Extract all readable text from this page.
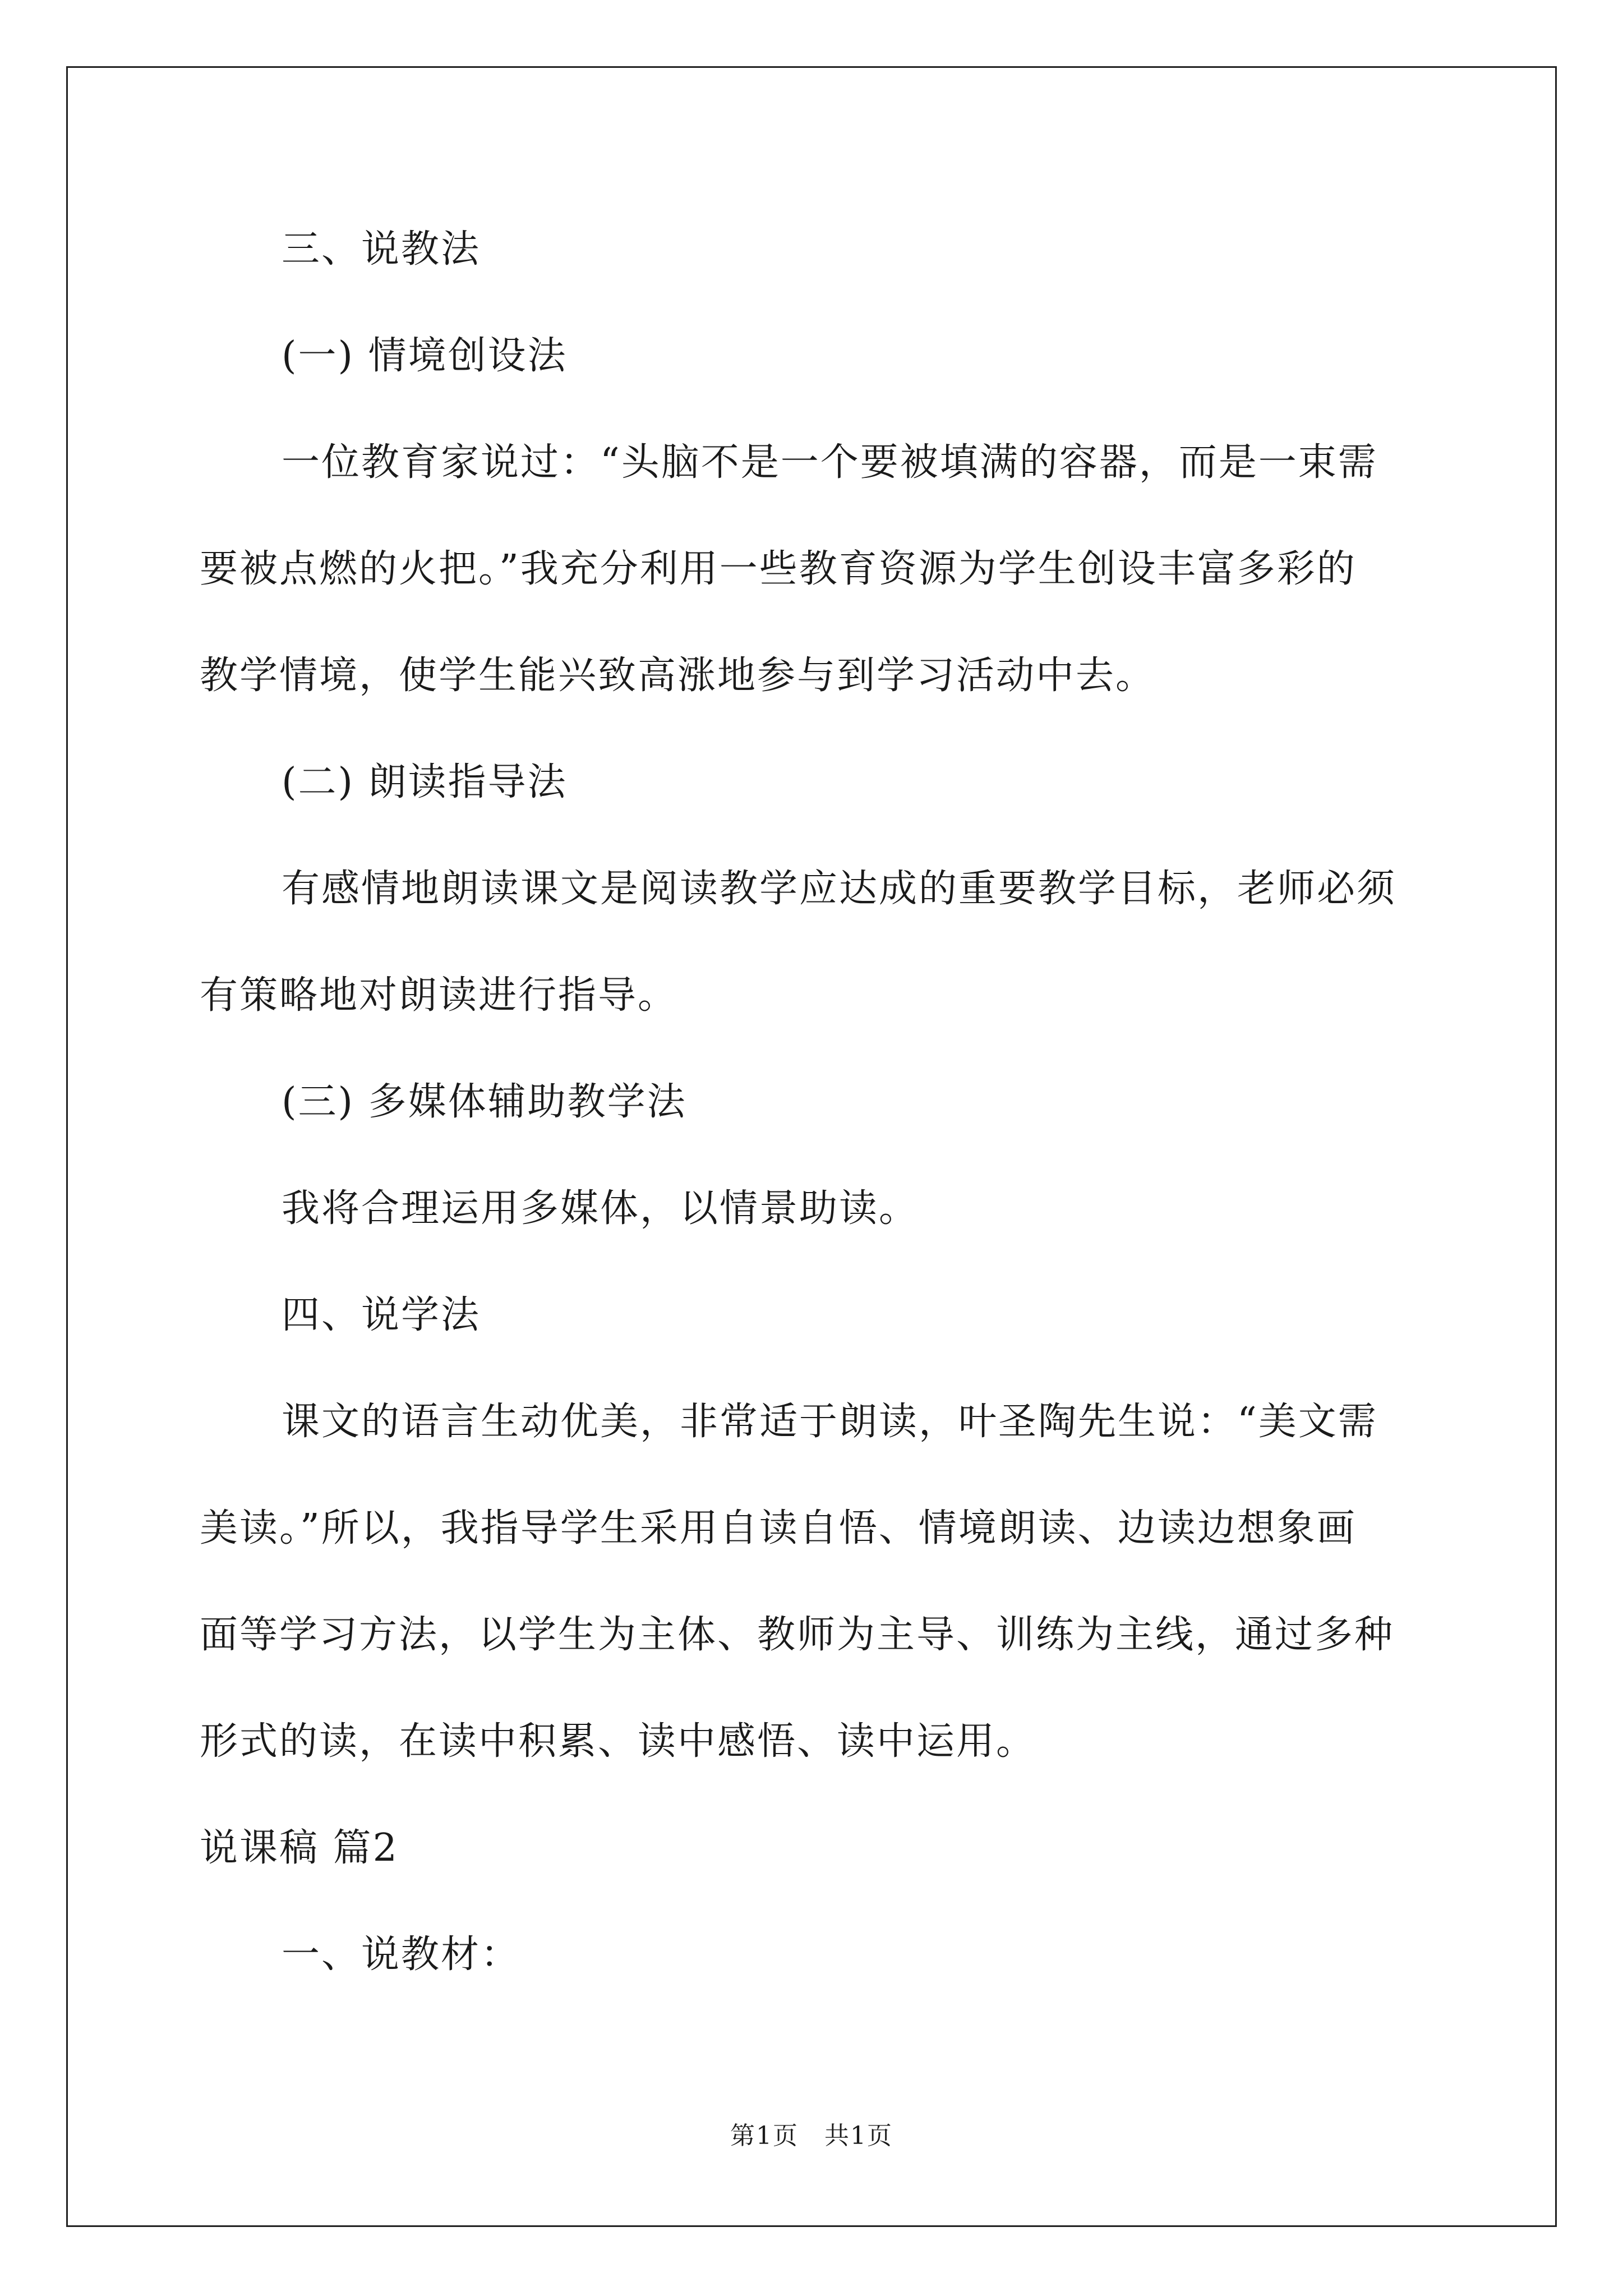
三、说教法
(一) 情境创设法
一位教育家说过：“头脑不是一个要被填满的容器，而是一束需
要被点燃的火把。”我充分利用一些教育资源为学生创设丰富多彩的
教学情境，使学生能兴致高涨地参与到学习活动中去。
(二) 朗读指导法
有感情地朗读课文是阅读教学应达成的重要教学目标，老师必须
有策略地对朗读进行指导。
(三) 多媒体辅助教学法
我将合理运用多媒体，以情景助读。
四、说学法
课文的语言生动优美，非常适于朗读，叶圣陶先生说：“美文需
美读。”所以，我指导学生采用自读自悟、情境朗读、边读边想象画
面等学习方法，以学生为主体、教师为主导、训练为主线，通过多种
形式的读，在读中积累、读中感悟、读中运用。
说课稿 篇2
一、说教材：
第1页　共1页
